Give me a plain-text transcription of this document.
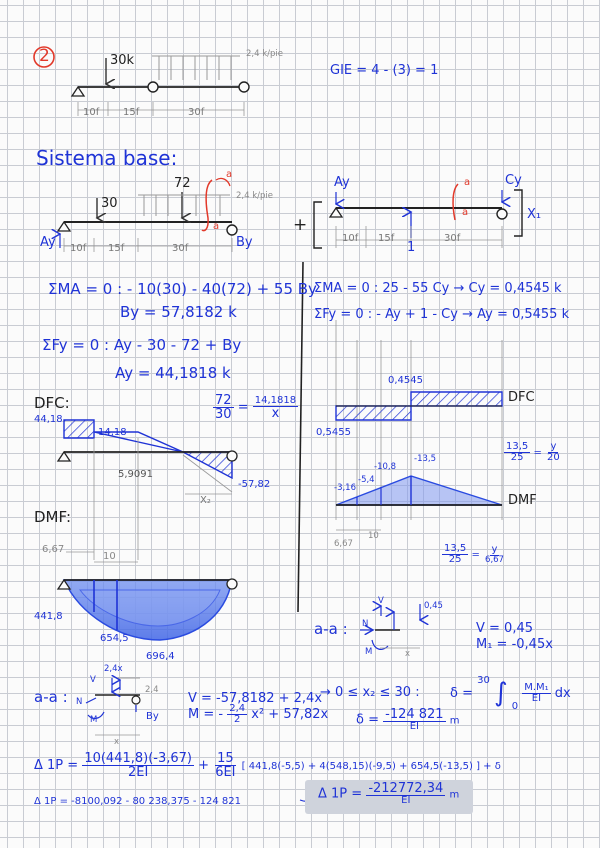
2
GIE = 4 - (3) = 1
30k	2,4 k/pie
10f 15f	30f
Sistema base:
30
72
2,4 k/pie
a
a
Ay	By
10f 15f	30f
+
Ay	Cy
a
a
1
X₁
10f 15f	30f
ΣMA = 0 : - 10(30) - 40(72) + 55 By
By = 57,8182 k
ΣFy = 0 : Ay - 30 - 72 + By
Ay = 44,1818 k
ΣMA = 0 : 25 - 55 Cy → Cy = 0,4545 k
ΣFy = 0 : - Ay + 1 - Cy → Ay = 0,5455 k
DFC:
44,18
14,18
5,9091
-57,82
X₂
$\frac{72}{30} = \frac{14,1818}{x}$
DMF:
6,67
10
441,8
654,5
696,4
0,4545
0,5455
DFC
-3,16
-5,4
-10,8
-13,5
6,67
10
DMF
$\frac{13,5}{25} = \frac{y}{20}$
$\frac{13,5}{25} = \frac{y}{6,67}$
a-a :
V
N
M	x
0,45
V = 0,45
M₁ = -0,45x
a-a :
V
N
M
x
2,4x
2,4
By
V = -57,8182 + 2,4x
M = - $\frac{2,4}{2} x^2 + 57,82x$
→ 0 ≤ x₂ ≤ 30 : δ = $^{30}$ ∫ $_0$
$\frac{\text{M.M₁}}{EI}$ dx
$\delta = \frac{-124 821}{EI}$ m
Δ $1P = \frac{10(441,8)(-3,67)}{2EI} + \frac{15}{6EI}$ [ 441,8(-5,5) + 4(548,15)(-9,5) + 654,5(-13,5) ] + δ
Δ 1P = -8100,092 - 80 238,375 - 124 821	Δ $1P = \frac{-212772,34}{EI}$ m
